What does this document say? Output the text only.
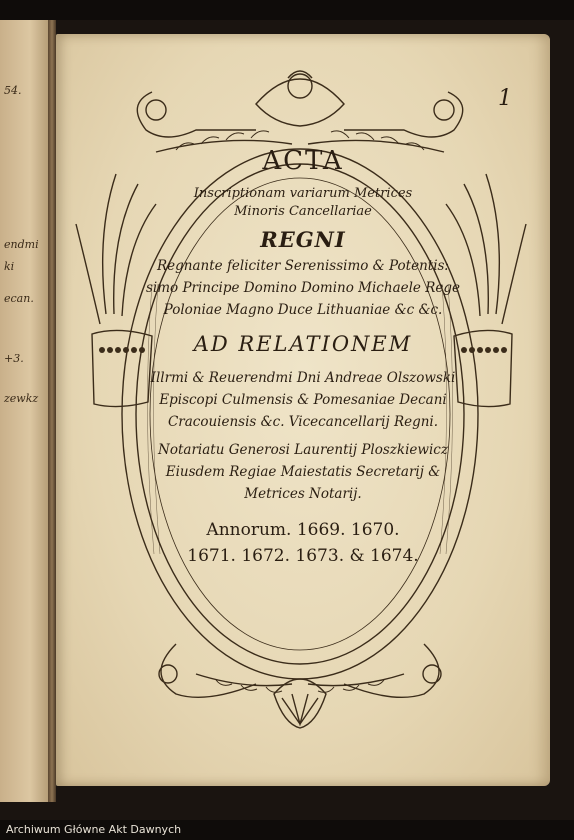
54.
endmi
ki
ecan.
+3.
zewkz
1
ACTA
Inscriptionam variarum Metrices
Minoris Cancellariae
REGNI
Regnante feliciter Serenissimo & Potentis:
simo Principe Domino Domino Michaele Rege
Poloniae Magno Duce Lithuaniae &c &c.
AD RELATIONEM
Illrmi & Reuerendmi Dni Andreae Olszowski
Episcopi Culmensis & Pomesaniae Decani
Cracouiensis &c. Vicecancellarij Regni.
Notariatu Generosi Laurentij Ploszkiewicz
Eiusdem Regiae Maiestatis Secretarij &
Metrices Notarij.
Annorum. 1669. 1670.
1671. 1672. 1673. & 1674.
Archiwum Główne Akt Dawnych
